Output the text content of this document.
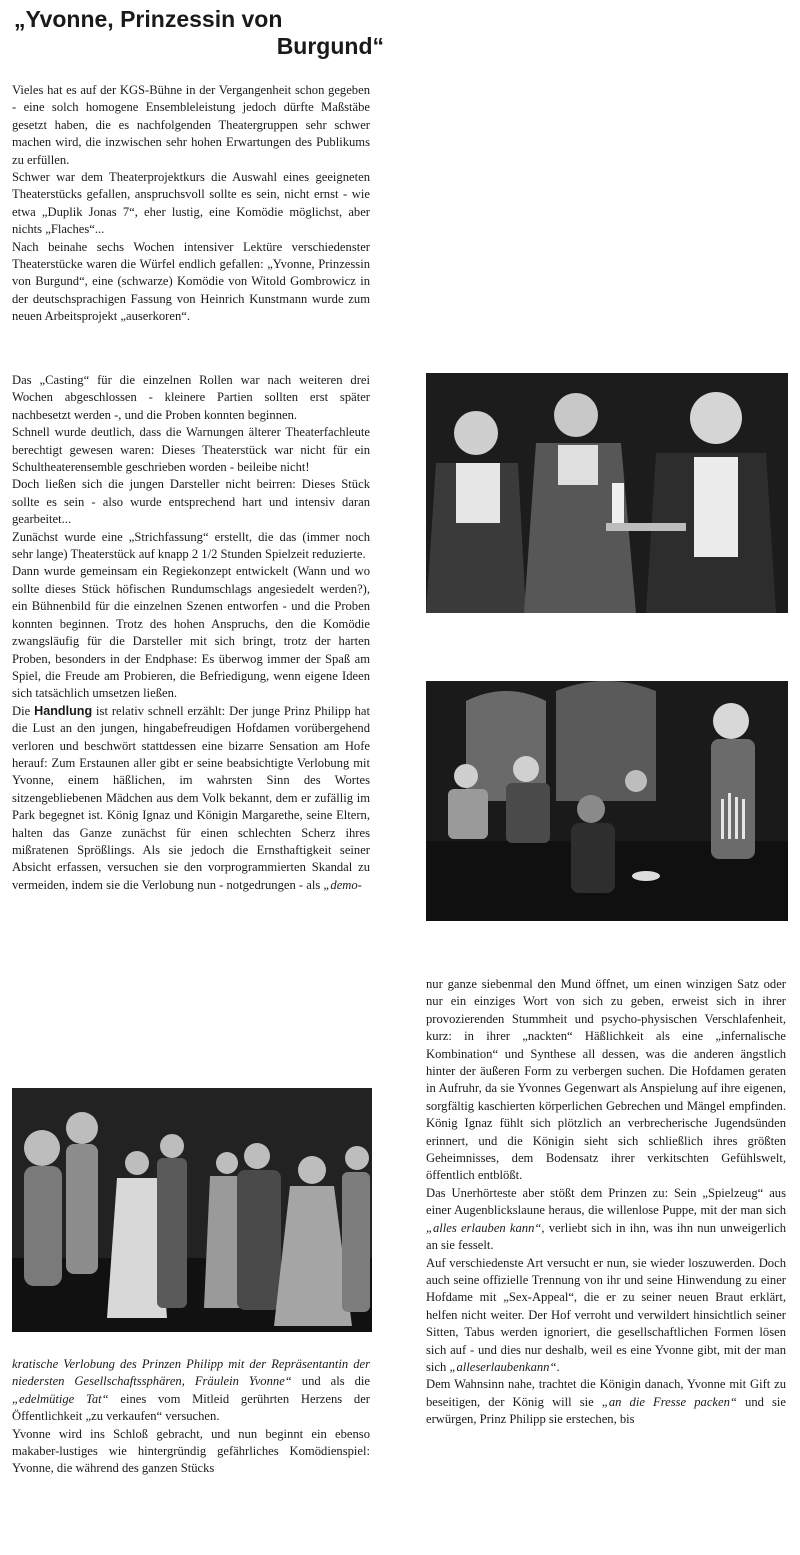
„Yvonne, Prinzessin von
Burgund“

Vieles hat es auf der KGS-Bühne in der Vergangenheit schon gegeben - eine solch homogene Ensembleleistung jedoch dürfte Maßstäbe gesetzt haben, die es nachfolgenden Theatergruppen sehr schwer machen wird, die inzwischen sehr hohen Erwartungen des Publikums zu erfüllen.

Schwer war dem Theaterprojektkurs die Auswahl eines geeigneten Theaterstücks gefallen, anspruchsvoll sollte es sein, nicht ernst - wie etwa „Duplik Jonas 7“, eher lustig, eine Komödie möglichst, aber nichts „Flaches“...

Nach beinahe sechs Wochen intensiver Lektüre verschiedenster Theaterstücke waren die Würfel endlich gefallen: „Yvonne, Prinzessin von Burgund“, eine (schwarze) Komödie von Witold Gombrowicz in der deutschsprachigen Fassung von Heinrich Kunstmann wurde zum neuen Arbeitsprojekt „auserkoren“.

Das „Casting“ für die einzelnen Rollen war nach weiteren drei Wochen abgeschlossen - kleinere Partien sollten erst später nachbesetzt werden -, und die Proben konnten beginnen.

Schnell wurde deutlich, dass die Warnungen älterer Theaterfachleute berechtigt gewesen waren: Dieses Theaterstück war nicht für ein Schultheaterensemble geschrieben worden - beileibe nicht!

Doch ließen sich die jungen Darsteller nicht beirren: Dieses Stück sollte es sein - also wurde entsprechend hart und intensiv daran gearbeitet...

Zunächst wurde eine „Strichfassung“ erstellt, die das (immer noch sehr lange) Theaterstück auf knapp 2 1/2 Stunden Spielzeit reduzierte.

Dann wurde gemeinsam ein Regiekonzept entwickelt (Wann und wo sollte dieses Stück höfischen Rundumschlags angesiedelt werden?), ein Bühnenbild für die einzelnen Szenen entworfen - und die Proben konnten beginnen. Trotz des hohen Anspruchs, den die Komödie zwangsläufig für die Darsteller mit sich bringt, trotz der harten Proben, besonders in der Endphase: Es überwog immer der Spaß am Spiel, die Freude am Probieren, die Befriedigung, wenn eigene Ideen sich tatsächlich umsetzen ließen.

Die Handlung ist relativ schnell erzählt: Der junge Prinz Philipp hat die Lust an den jungen, hingabefreudigen Hofdamen vorübergehend verloren und beschwört stattdessen eine bizarre Sensation am Hofe herauf: Zum Erstaunen aller gibt er seine beabsichtigte Verlobung mit Yvonne, einem häßlichen, im wahrsten Sinn des Wortes sitzengebliebenen Mädchen aus dem Volk bekannt, dem er zufällig im Park begegnet ist. König Ignaz und Königin Margarethe, seine Eltern, halten das Ganze zunächst für einen schlechten Scherz ihres mißratenen Sprößlings. Als sie jedoch die Ernsthaftigkeit seiner Absicht erfassen, versuchen sie den vorprogrammierten Skandal zu vermeiden, indem sie die Verlobung nun - notgedrungen - als „demo-

kratische Verlobung des Prinzen Philipp mit der Repräsentantin der niedersten Gesellschaftssphären, Fräulein Yvonne“ und als die „edelmütige Tat“ eines vom Mitleid gerührten Herzens der Öffentlichkeit „zu verkaufen“ versuchen.

Yvonne wird ins Schloß gebracht, und nun beginnt ein ebenso makaber-lustiges wie hintergründig gefährliches Komödienspiel: Yvonne, die während des ganzen Stücks

nur ganze siebenmal den Mund öffnet, um einen winzigen Satz oder nur ein einziges Wort von sich zu geben, erweist sich in ihrer provozierenden Stummheit und psycho-physischen Verschlafenheit, kurz: in ihrer „nackten“ Häßlichkeit als eine „infernalische Kombination“ und Synthese all dessen, was die anderen ängstlich hinter der äußeren Form zu verbergen suchen. Die Hofdamen geraten in Aufruhr, da sie Yvonnes Gegenwart als Anspielung auf ihre eigenen, sorgfältig kaschierten körperlichen Gebrechen und Mängel empfinden. König Ignaz fühlt sich plötzlich an verbrecherische Jugendsünden erinnert, und die Königin sieht sich schließlich ihres größten Geheimnisses, dem Bodensatz ihrer verkitschten Gefühlswelt, öffentlich entblößt.

Das Unerhörteste aber stößt dem Prinzen zu: Sein „Spielzeug“ aus einer Augenblickslaune heraus, die willenlose Puppe, mit der man sich „alles erlauben kann“, verliebt sich in ihn, was ihn nun unweigerlich an sie fesselt.

Auf verschiedenste Art versucht er nun, sie wieder loszuwerden. Doch auch seine offizielle Trennung von ihr und seine Hinwendung zu einer Hofdame mit „Sex-Appeal“, die er zu seiner neuen Braut erklärt, helfen nicht weiter. Der Hof verroht und verwildert hinsichtlich seiner Sitten, Tabus werden ignoriert, die gesellschaftlichen Formen lösen sich auf - und dies nur deshalb, weil es eine Yvonne gibt, mit der man sich „alleserlaubenkann“.

Dem Wahnsinn nahe, trachtet die Königin danach, Yvonne mit Gift zu beseitigen, der König will sie „an die Fresse packen“ und sie erwürgen, Prinz Philipp sie erstechen, bis
